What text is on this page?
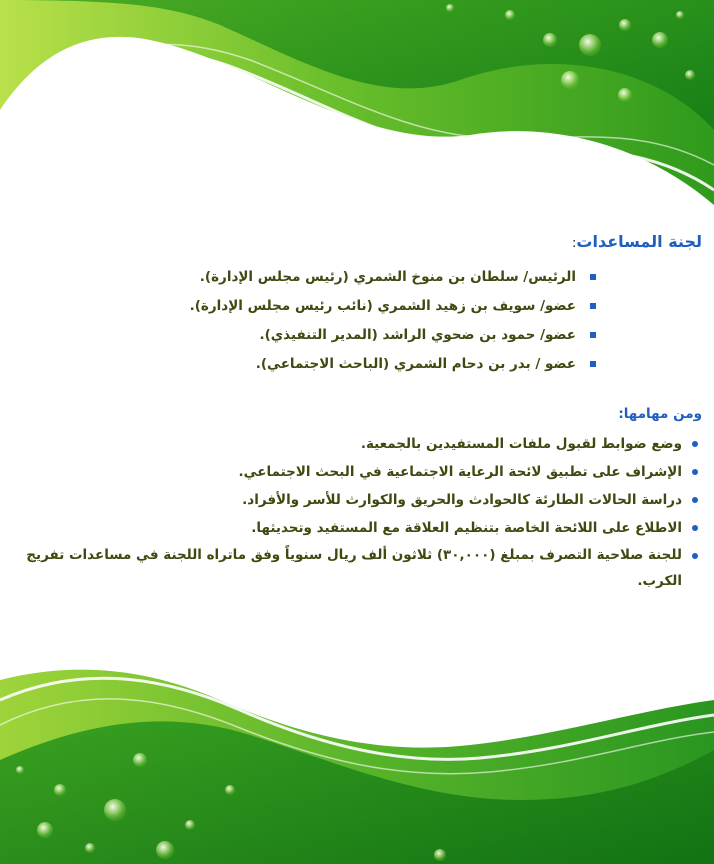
لجنة المساعدات:
الرئيس/ سلطان بن منوخ الشمري (رئيس مجلس الإدارة).
عضو/ سويف بن زهيد الشمري (نائب رئيس مجلس الإدارة).
عضو/ حمود بن ضحوي الراشد (المدير التنفيذي).
عضو / بدر بن دحام الشمري (الباحث الاجتماعي).
ومن مهامها:
وضع ضوابط لقبول ملفات المستفيدين بالجمعية.
الإشراف على تطبيق لائحة الرعاية الاجتماعية في البحث الاجتماعي.
دراسة الحالات الطارئة كالحوادث والحريق والكوارث للأسر والأفراد.
الاطلاع على اللائحة الخاصة بتنظيم العلاقة مع المستفيد وتحديثها.
للجنة صلاحية التصرف بمبلغ (٣٠,٠٠٠) ثلاثون ألف ريال سنوياً وفق ماتراه اللجنة في مساعدات تفريج الكرب.
